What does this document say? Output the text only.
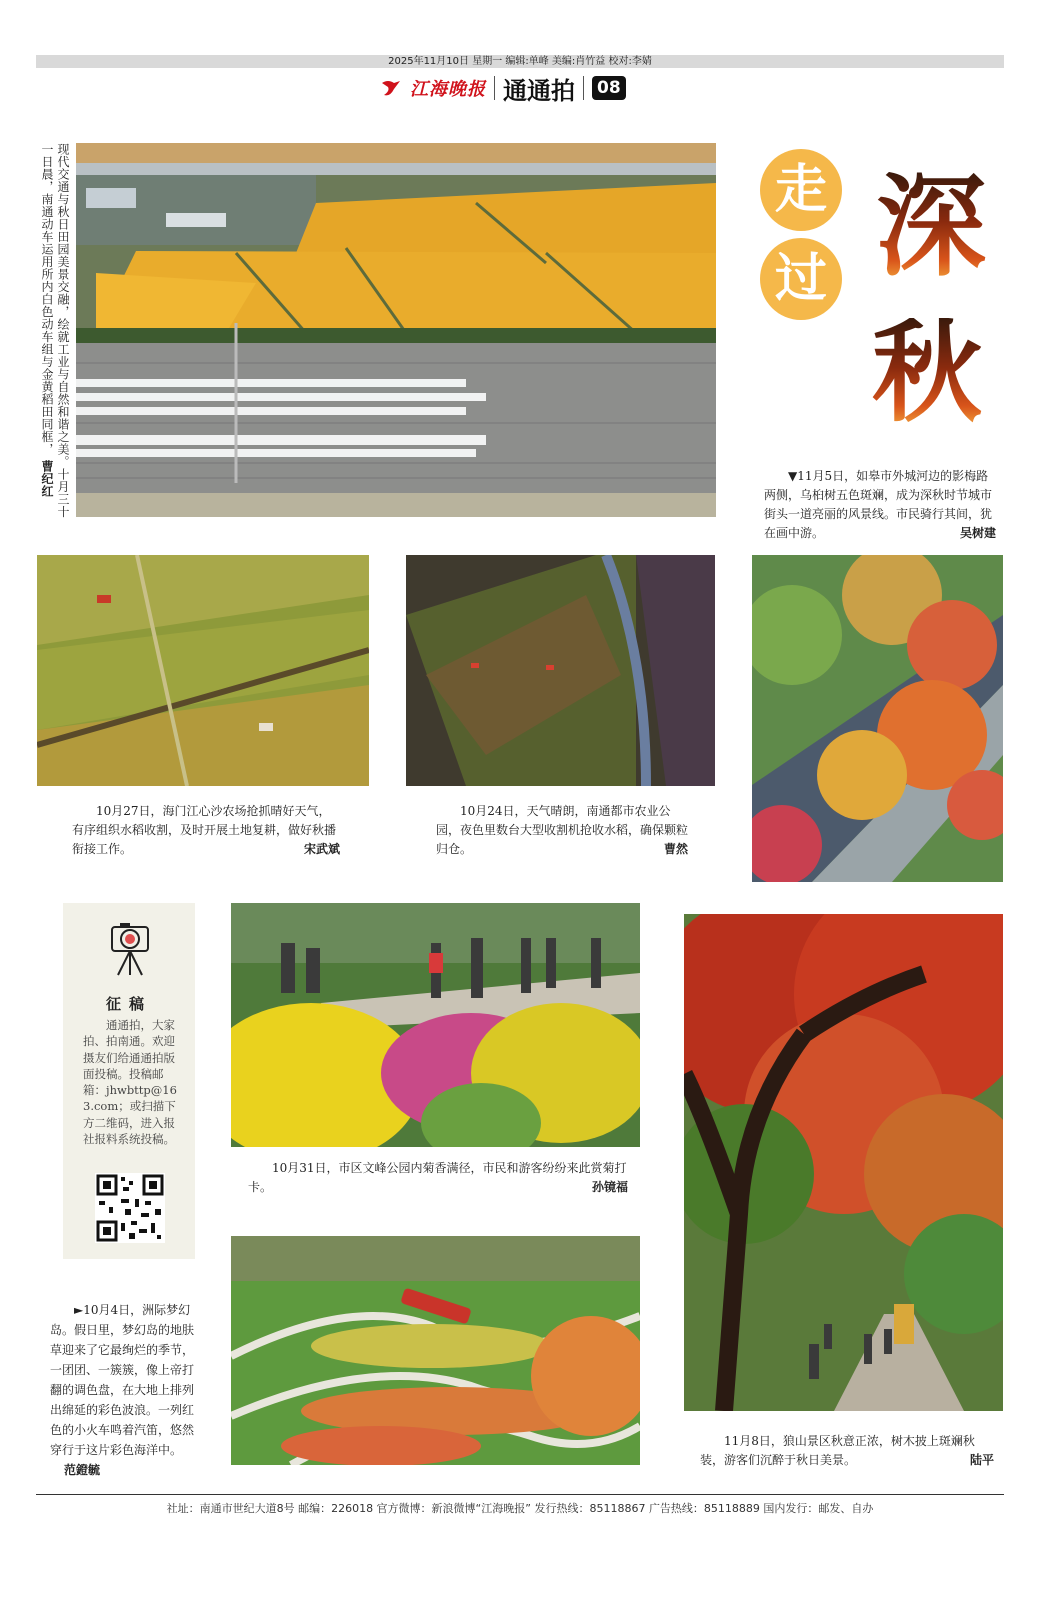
2025年11月10日 星期一 编辑:单峰 美编:肖竹益 校对:李婧
江海晚报 通通拍 08
现代交通与秋日田园美景交融，绘就工业与自然和谐之美。十月三十一日晨，南通动车运用所内白色动车组与金黄稻田同框， 曹纪红
走
过 深
秋
▼11月5日，如皋市外城河边的影梅路两侧，乌桕树五色斑斓，成为深秋时节城市街头一道亮丽的风景线。市民骑行其间，犹在画中游。	吴树建
10月27日，海门江心沙农场抢抓晴好天气，有序组织水稻收割，及时开展土地复耕，做好秋播衔接工作。	宋武斌
10月24日，天气晴朗，南通都市农业公园，夜色里数台大型收割机抢收水稻，确保颗粒归仓。	曹然
征稿
通通拍，大家拍、拍南通。欢迎摄友们给通通拍版面投稿。投稿邮箱：jhwbttp@163.com；或扫描下方二维码，进入报社报料系统投稿。
10月31日，市区文峰公园内菊香满径，市民和游客纷纷来此赏菊打卡。	孙镜福
►10月4日，洲际梦幻岛。假日里，梦幻岛的地肤草迎来了它最绚烂的季节，一团团、一簇簇，像上帝打翻的调色盘，在大地上排列出绵延的彩色波浪。一列红色的小火车鸣着汽笛，悠然穿行于这片彩色海洋中。 范鐙毓
11月8日，狼山景区秋意正浓，树木披上斑斓秋装，游客们沉醉于秋日美景。	陆平
社址：南通市世纪大道8号 邮编：226018 官方微博：新浪微博“江海晚报” 发行热线：85118867 广告热线：85118889 国内发行：邮发、自办
